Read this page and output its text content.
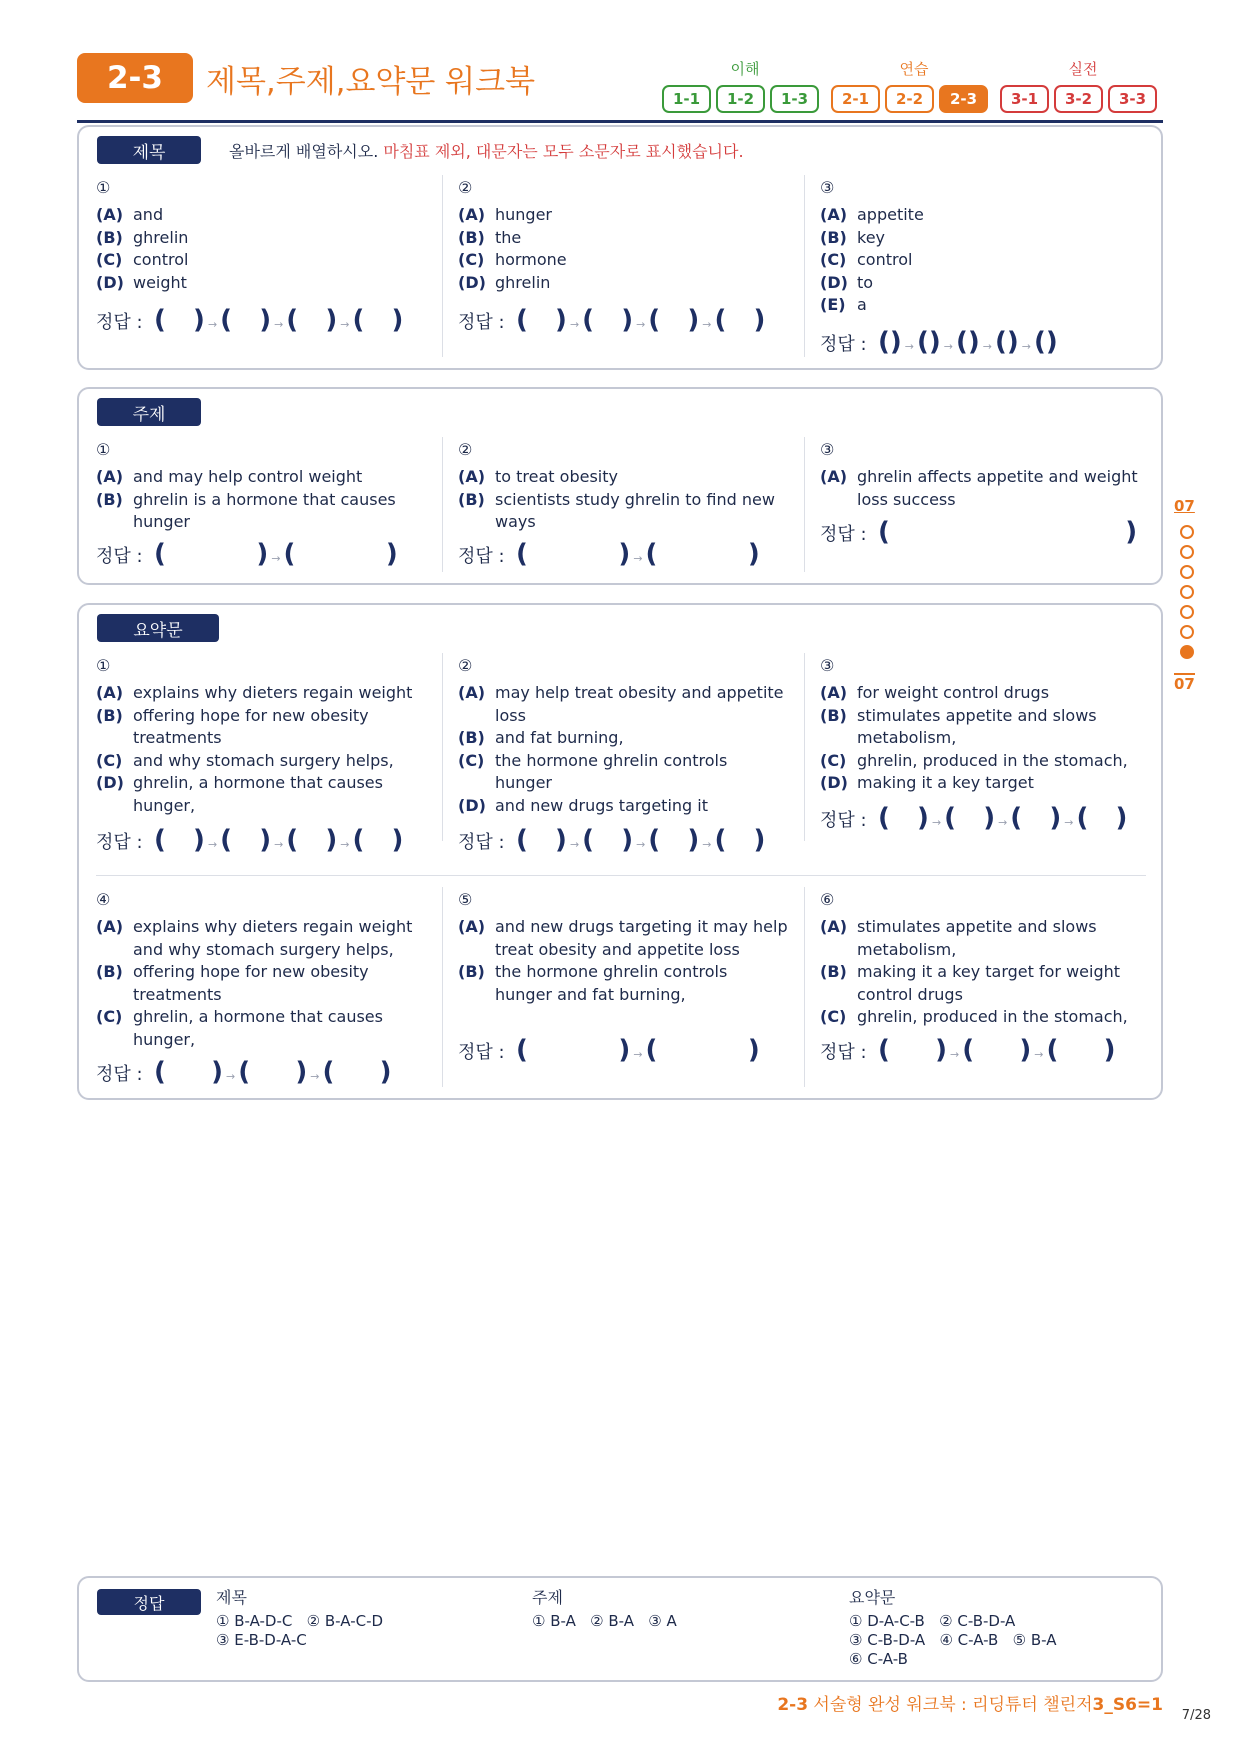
2-3	제목,주제,요약문 워크북	이해	연습	실전
1-1	1-2	1-3	2-1	2-2	2-3	3-1	3-2	3-3
제목	올바르게 배열하시오. 마침표 제외, 대문자는 모두 소문자로 표시했습니다.
①
(A) and
(B) ghrelin
(C) control
(D) weight
정답 : (   ) → (   ) → (   ) → (   )
②
(A) hunger
(B) the
(C) hormone
(D) ghrelin
정답 : (   ) → (   ) → (   ) → (   )
③
(A) appetite
(B) key
(C) control
(D) to
(E) a
정답 : () → () → () → () → ()
주제
①
(A) and may help control weight
(B) ghrelin is a hormone that causes hunger
정답 : (          ) → (          )
②
(A) to treat obesity
(B) scientists study ghrelin to find new ways
정답 : (          ) → (          )
③
(A) ghrelin affects appetite and weight loss success
정답 : (                          )
요약문
①
(A) explains why dieters regain weight
(B) offering hope for new obesity treatments
(C) and why stomach surgery helps,
(D) ghrelin, a hormone that causes hunger,
정답 : (   ) → (   ) → (   ) → (   )
②
(A) may help treat obesity and appetite loss
(B) and fat burning,
(C) the hormone ghrelin controls hunger
(D) and new drugs targeting it
정답 : (   ) → (   ) → (   ) → (   )
③
(A) for weight control drugs
(B) stimulates appetite and slows metabolism,
(C) ghrelin, produced in the stomach,
(D) making it a key target
정답 : (   ) → (   ) → (   ) → (   )
④
(A) explains why dieters regain weight and why stomach surgery helps,
(B) offering hope for new obesity treatments
(C) ghrelin, a hormone that causes hunger,
정답 : (     ) → (     ) → (     )
⑤
(A) and new drugs targeting it may help treat obesity and appetite loss
(B) the hormone ghrelin controls hunger and fat burning,
정답 : (          ) → (          )
⑥
(A) stimulates appetite and slows metabolism,
(B) making it a key target for weight control drugs
(C) ghrelin, produced in the stomach,
정답 : (     ) → (     ) → (     )
07
07
정답	제목
① B-A-D-C   ② B-A-C-D
③ E-B-D-A-C
주제
① B-A   ② B-A   ③ A
요약문
① D-A-C-B   ② C-B-D-A
③ C-B-D-A   ④ C-A-B   ⑤ B-A
⑥ C-A-B
2-3 서술형 완성 워크북 : 리딩튜터 챌린저3_S6=1
7/28
